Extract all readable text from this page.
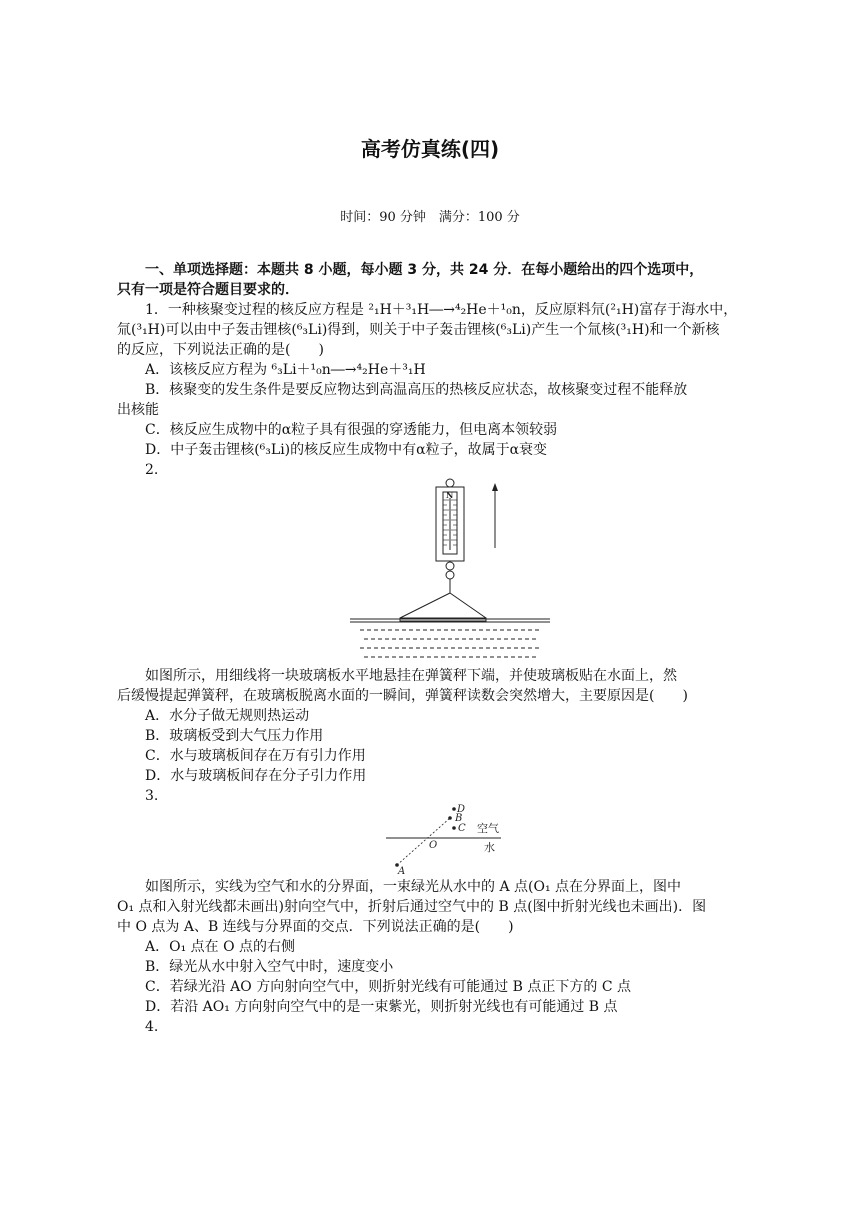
高考仿真练(四)
时间：90 分钟　满分：100 分

一、单项选择题：本题共 8 小题，每小题 3 分，共 24 分．在每小题给出的四个选项中，

只有一项是符合题目要求的．

1．一种核聚变过程的核反应方程是 ²₁H＋³₁H―→⁴₂He＋¹₀n，反应原料氘(²₁H)富存于海水中，

氚(³₁H)可以由中子轰击锂核(⁶₃Li)得到，则关于中子轰击锂核(⁶₃Li)产生一个氚核(³₁H)和一个新核

的反应，下列说法正确的是(　　)

A．该核反应方程为 ⁶₃Li＋¹₀n―→⁴₂He＋³₁H

B．核聚变的发生条件是要反应物达到高温高压的热核反应状态，故核聚变过程不能释放

出核能

C．核反应生成物中的α粒子具有很强的穿透能力，但电离本领较弱

D．中子轰击锂核(⁶₃Li)的核反应生成物中有α粒子，故属于α衰变

2.

N

如图所示，用细线将一块玻璃板水平地悬挂在弹簧秤下端，并使玻璃板贴在水面上，然

后缓慢提起弹簧秤，在玻璃板脱离水面的一瞬间，弹簧秤读数会突然增大，主要原因是(　　)

A．水分子做无规则热运动

B．玻璃板受到大气压力作用

C．水与玻璃板间存在万有引力作用

D．水与玻璃板间存在分子引力作用

3.

D
B
C
O
A
空气
水

如图所示，实线为空气和水的分界面，一束绿光从水中的 A 点(O₁ 点在分界面上，图中

O₁ 点和入射光线都未画出)射向空气中，折射后通过空气中的 B 点(图中折射光线也未画出)．图

中 O 点为 A、B 连线与分界面的交点．下列说法正确的是(　　)

A．O₁ 点在 O 点的右侧

B．绿光从水中射入空气中时，速度变小

C．若绿光沿 AO 方向射向空气中，则折射光线有可能通过 B 点正下方的 C 点

D．若沿 AO₁ 方向射向空气中的是一束紫光，则折射光线也有可能通过 B 点

4.
